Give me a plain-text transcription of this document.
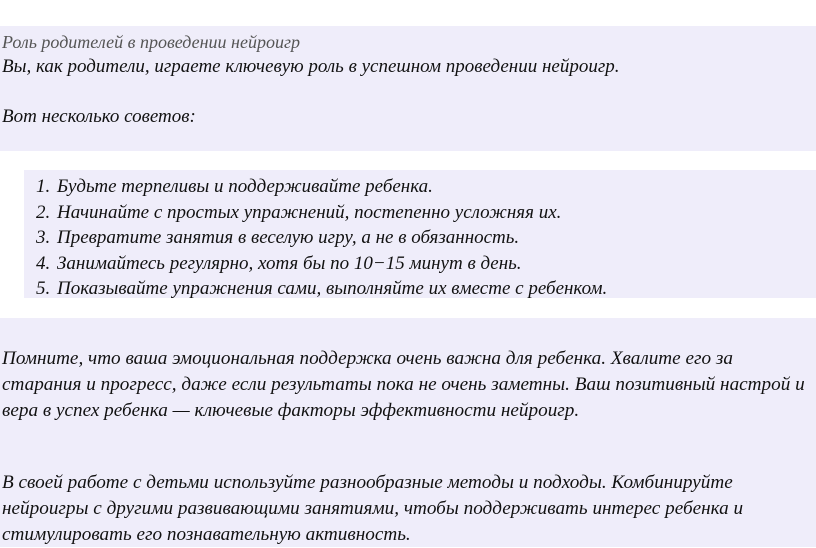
Роль родителей в проведении нейроигр
Вы, как родители, играете ключевую роль в успешном проведении нейроигр.
Вот несколько советов:
1. Будьте терпеливы и поддерживайте ребенка.
2. Начинайте с простых упражнений, постепенно усложняя их.
3. Превратите занятия в веселую игру, а не в обязанность.
4. Занимайтесь регулярно, хотя бы по 10−15 минут в день.
5. Показывайте упражнения сами, выполняйте их вместе с ребенком.

Помните, что ваша эмоциональная поддержка очень важна для ребенка. Хвалите его за старания и прогресс, даже если результаты пока не очень заметны. Ваш позитивный настрой и вера в успех ребенка — ключевые факторы эффективности нейроигр.

В своей работе с детьми используйте разнообразные методы и подходы. Комбинируйте нейроигры с другими развивающими занятиями, чтобы поддерживать интерес ребенка и стимулировать его познавательную активность.
